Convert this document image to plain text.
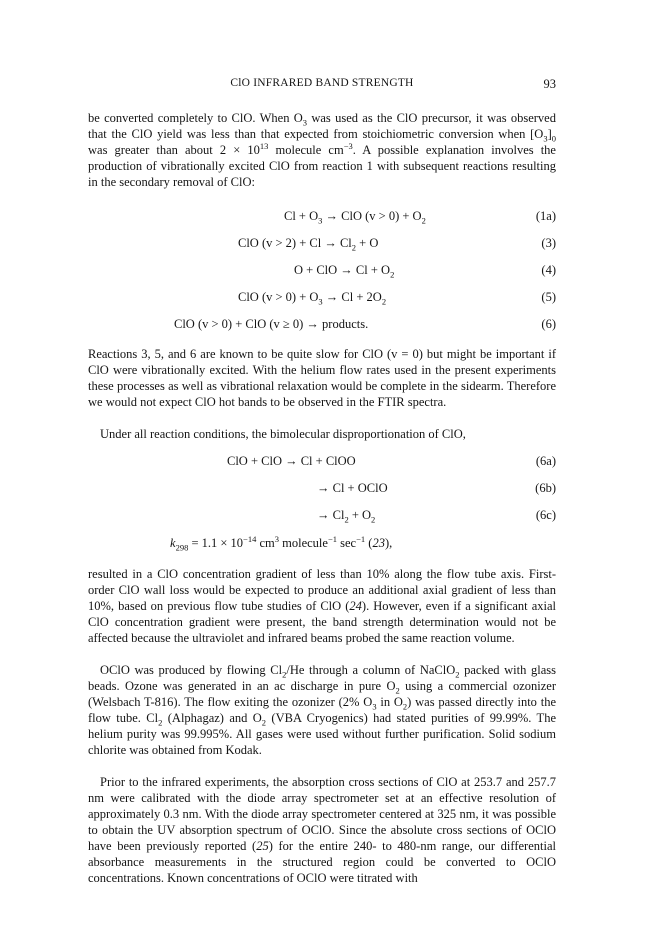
ClO INFRARED BAND STRENGTH	93

be converted completely to ClO. When $O_3$ was used as the ClO precursor, it was observed that the ClO yield was less than that expected from stoichiometric conversion when $[O_3]_0$ was greater than about $2 \times 10^{13}$ molecule $cm^{-3}$. A possible explanation involves the production of vibrationally excited ClO from reaction 1 with subsequent reactions resulting in the secondary removal of ClO:

$Cl + O_3$ → ClO $(v > 0) + O_2$	(1a)
ClO $(v > 2) + Cl \to Cl_2 + O$	(3)
O + ClO → $Cl + O_2$	(4)
ClO $(v > 0) + O_3 \to Cl + 2O_2$	(5)
ClO (v > 0) + ClO (v ≥ 0) → products.	(6)

Reactions 3, 5, and 6 are known to be quite slow for ClO (v = 0) but might be important if ClO were vibrationally excited. With the helium flow rates used in the present experiments these processes as well as vibrational relaxation would be complete in the sidearm. Therefore we would not expect ClO hot bands to be observed in the FTIR spectra.

Under all reaction conditions, the bimolecular disproportionation of ClO,

ClO + ClO → Cl + ClOO	(6a)
→ Cl + OClO	(6b)
→ $Cl_2 + O_2$	(6c)
$k_{298} = 1.1 \times 10^{-14}$ $cm^3$ molecule$^{-1}$ $\sec^{-1} (23)$,

resulted in a ClO concentration gradient of less than 10% along the flow tube axis. First-order ClO wall loss would be expected to produce an additional axial gradient of less than 10%, based on previous flow tube studies of ClO (24). However, even if a significant axial ClO concentration gradient were present, the band strength determination would not be affected because the ultraviolet and infrared beams probed the same reaction volume.

OClO was produced by flowing $Cl_2/He$ through a column of NaClO$_2$ packed with glass beads. Ozone was generated in an ac discharge in pure $O_2$ using a commercial ozonizer (Welsbach T-816). The flow exiting the ozonizer (2% $O_3$ in $O_2$) was passed directly into the flow tube. $Cl_2$ (Alphagaz) and $O_2$ (VBA Cryogenics) had stated purities of 99.99%. The helium purity was 99.995%. All gases were used without further purification. Solid sodium chlorite was obtained from Kodak.

Prior to the infrared experiments, the absorption cross sections of ClO at 253.7 and 257.7 nm were calibrated with the diode array spectrometer set at an effective resolution of approximately 0.3 nm. With the diode array spectrometer centered at 325 nm, it was possible to obtain the UV absorption spectrum of OClO. Since the absolute cross sections of OClO have been previously reported (25) for the entire 240- to 480-nm range, our differential absorbance measurements in the structured region could be converted to OClO concentrations. Known concentrations of OClO were titrated with
